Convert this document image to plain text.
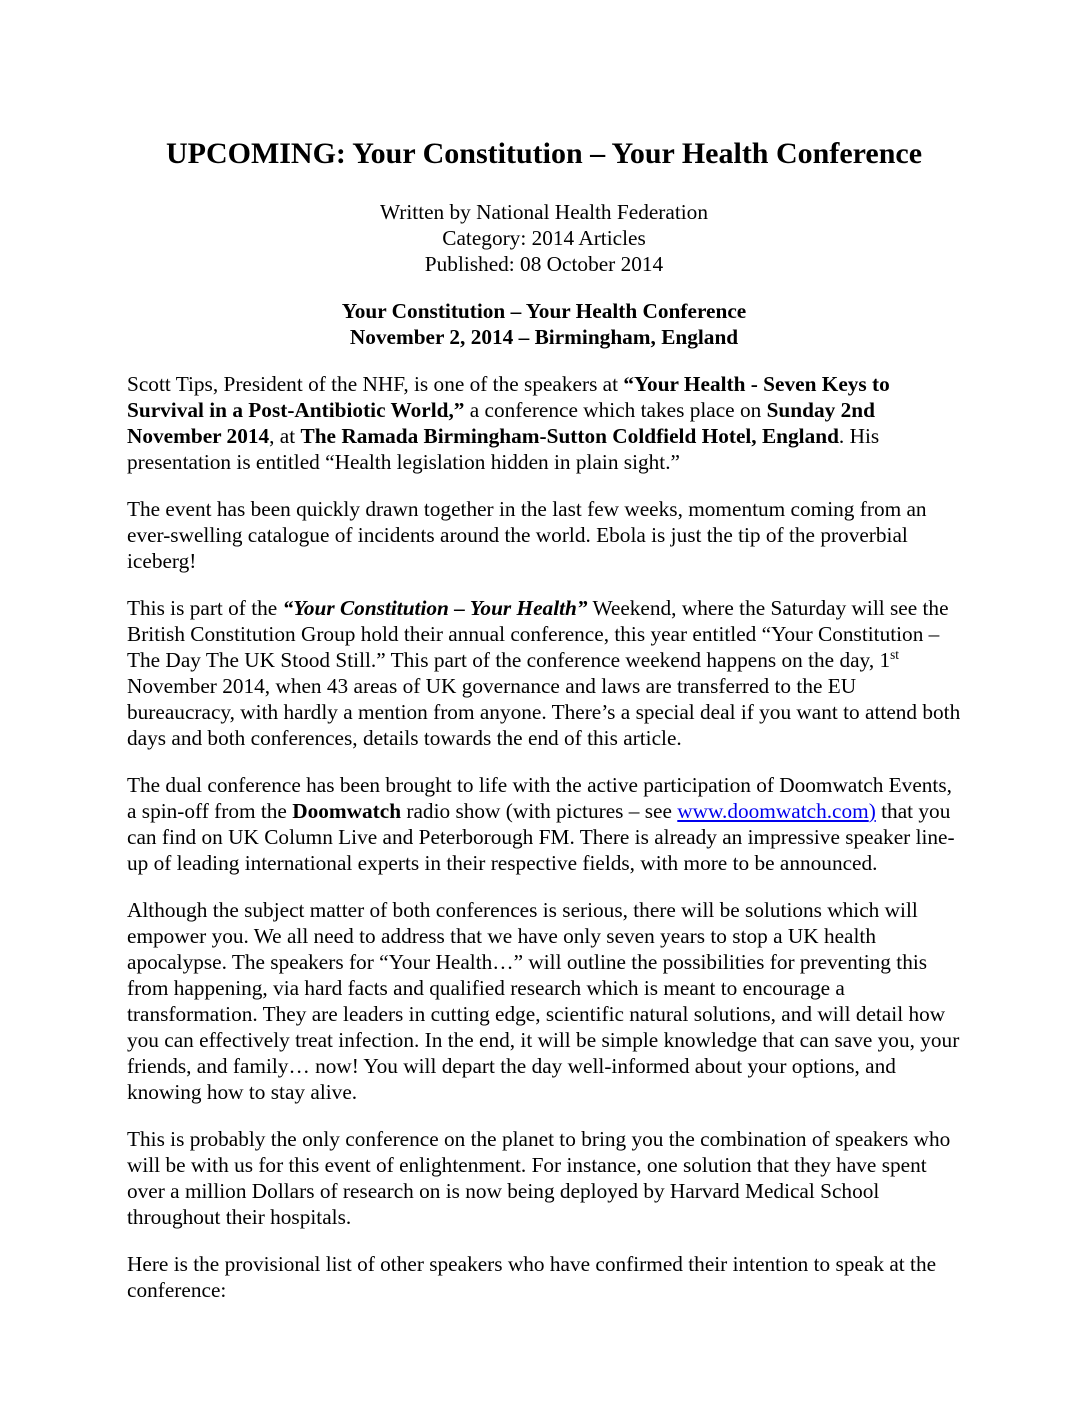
UPCOMING: Your Constitution – Your Health Conference
Written by National Health Federation
Category: 2014 Articles
Published: 08 October 2014
Your Constitution – Your Health Conference
November 2, 2014 – Birmingham, England

Scott Tips, President of the NHF, is one of the speakers at “Your Health - Seven Keys to Survival in a Post-Antibiotic World,” a conference which takes place on Sunday 2nd November 2014, at The Ramada Birmingham-Sutton Coldfield Hotel, England. His presentation is entitled “Health legislation hidden in plain sight.”

The event has been quickly drawn together in the last few weeks, momentum coming from an ever-swelling catalogue of incidents around the world. Ebola is just the tip of the proverbial iceberg!

This is part of the “Your Constitution – Your Health” Weekend, where the Saturday will see the British Constitution Group hold their annual conference, this year entitled “Your Constitution – The Day The UK Stood Still.” This part of the conference weekend happens on the day, 1st November 2014, when 43 areas of UK governance and laws are transferred to the EU bureaucracy, with hardly a mention from anyone. There’s a special deal if you want to attend both days and both conferences, details towards the end of this article.

The dual conference has been brought to life with the active participation of Doomwatch Events, a spin-off from the Doomwatch radio show (with pictures – see www.doomwatch.com) that you can find on UK Column Live and Peterborough FM. There is already an impressive speaker line-up of leading international experts in their respective fields, with more to be announced.

Although the subject matter of both conferences is serious, there will be solutions which will empower you. We all need to address that we have only seven years to stop a UK health apocalypse. The speakers for “Your Health…” will outline the possibilities for preventing this from happening, via hard facts and qualified research which is meant to encourage a transformation. They are leaders in cutting edge, scientific natural solutions, and will detail how you can effectively treat infection. In the end, it will be simple knowledge that can save you, your friends, and family… now! You will depart the day well-informed about your options, and knowing how to stay alive.

This is probably the only conference on the planet to bring you the combination of speakers who will be with us for this event of enlightenment. For instance, one solution that they have spent over a million Dollars of research on is now being deployed by Harvard Medical School throughout their hospitals.

Here is the provisional list of other speakers who have confirmed their intention to speak at the conference:
